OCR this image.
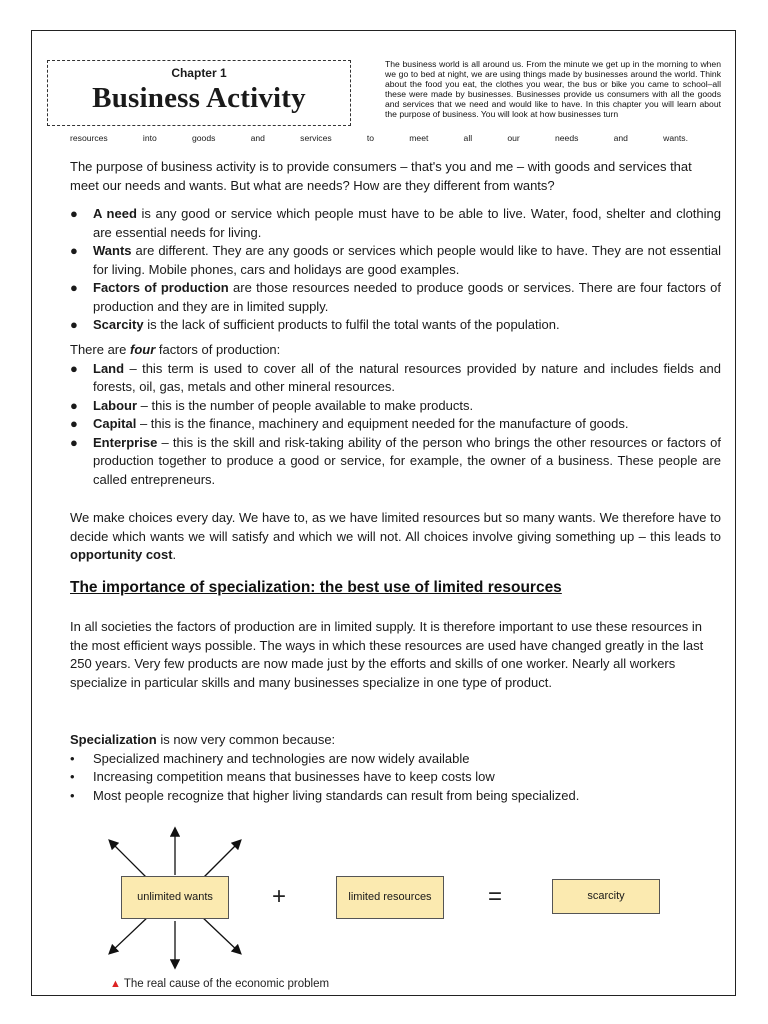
Chapter 1
Business Activity
The business world is all around us. From the minute we get up in the morning to when we go to bed at night, we are using things made by businesses around the world. Think about the food you eat, the clothes you wear, the bus or bike you came to school–all these were made by businesses. Businesses provide us consumers with all the goods and services that we need and would like to have. In this chapter you will learn about the purpose of business. You will look at how businesses turn
resources into goods and services to meet all our needs and wants.

The purpose of business activity is to provide consumers – that's you and me – with goods and services that meet our needs and wants. But what are needs? How are they different from wants?

● A need is any good or service which people must have to be able to live. Water, food, shelter and clothing are essential needs for living.
● Wants are different. They are any goods or services which people would like to have. They are not essential for living. Mobile phones, cars and holidays are good examples.
● Factors of production are those resources needed to produce goods or services. There are four factors of production and they are in limited supply.
● Scarcity is the lack of sufficient products to fulfil the total wants of the population.

There are four factors of production:

● Land – this term is used to cover all of the natural resources provided by nature and includes fields and forests, oil, gas, metals and other mineral resources.
● Labour – this is the number of people available to make products.
● Capital – this is the finance, machinery and equipment needed for the manufacture of goods.
● Enterprise – this is the skill and risk-taking ability of the person who brings the other resources or factors of production together to produce a good or service, for example, the owner of a business. These people are called entrepreneurs.

We make choices every day. We have to, as we have limited resources but so many wants. We therefore have to decide which wants we will satisfy and which we will not. All choices involve giving something up – this leads to opportunity cost.

The importance of specialization: the best use of limited resources

In all societies the factors of production are in limited supply. It is therefore important to use these resources in the most efficient ways possible. The ways in which these resources are used have changed greatly in the last 250 years. Very few products are now made just by the efforts and skills of one worker. Nearly all workers specialize in particular skills and many businesses specialize in one type of product.

Specialization is now very common because:

• Specialized machinery and technologies are now widely available
• Increasing competition means that businesses have to keep costs low
• Most people recognize that higher living standards can result from being specialized.
unlimited wants	+	limited resources	=	scarcity
▲ The real cause of the economic problem
